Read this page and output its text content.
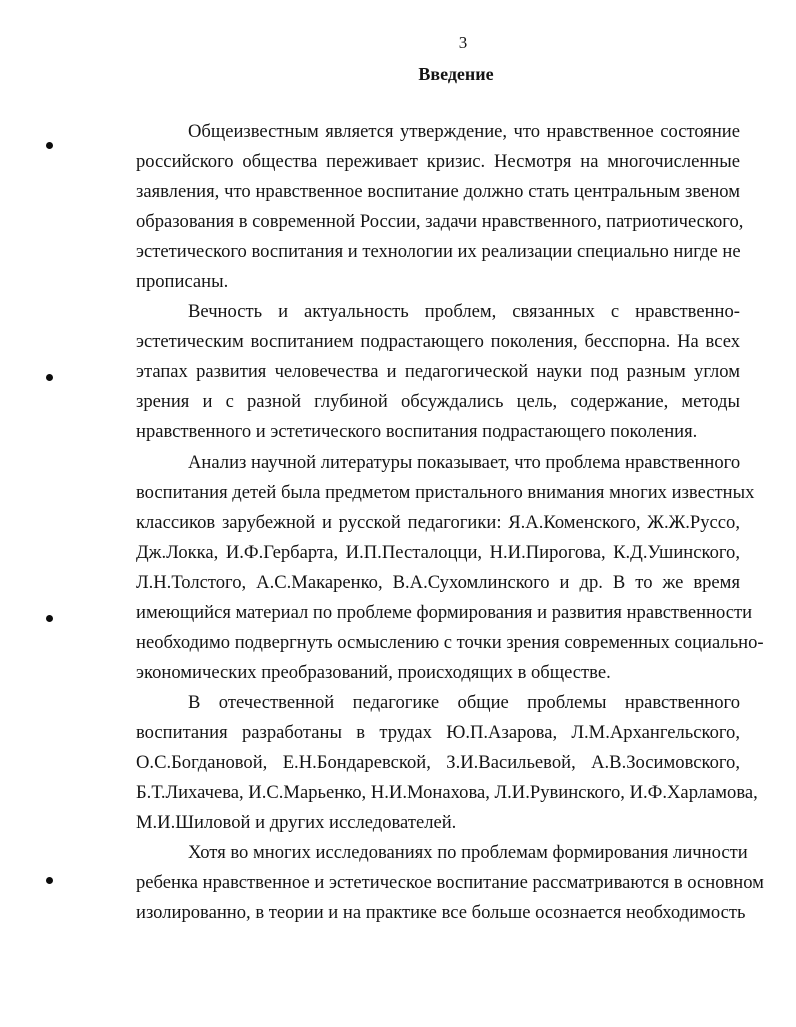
3
Введение
Общеизвестным является утверждение, что нравственное состояние
российского общества переживает кризис. Несмотря на многочисленные
заявления, что нравственное воспитание должно стать центральным звеном
образования в современной России, задачи нравственного, патриотического,
эстетического воспитания и технологии их реализации специально нигде не
прописаны.
Вечность и актуальность проблем, связанных с нравственно-
эстетическим воспитанием подрастающего поколения, бесспорна. На всех
этапах развития человечества и педагогической науки под разным углом
зрения и с разной глубиной обсуждались цель, содержание, методы
нравственного и эстетического воспитания подрастающего поколения.
Анализ научной литературы показывает, что проблема нравственного
воспитания детей была предметом пристального внимания многих известных
классиков зарубежной и русской педагогики: Я.А.Коменского, Ж.Ж.Руссо,
Дж.Локка, И.Ф.Гербарта, И.П.Песталоцци, Н.И.Пирогова, К.Д.Ушинского,
Л.Н.Толстого, А.С.Макаренко, В.А.Сухомлинского и др. В то же время
имеющийся материал по проблеме формирования и развития нравственности
необходимо подвергнуть осмыслению с точки зрения современных социально-
экономических преобразований, происходящих в обществе.
В отечественной педагогике общие проблемы нравственного
воспитания разработаны в трудах Ю.П.Азарова, Л.М.Архангельского,
О.С.Богдановой, Е.Н.Бондаревской, З.И.Васильевой, А.В.Зосимовского,
Б.Т.Лихачева, И.С.Марьенко, Н.И.Монахова, Л.И.Рувинского, И.Ф.Харламова,
М.И.Шиловой и других исследователей.
Хотя во многих исследованиях по проблемам формирования личности
ребенка нравственное и эстетическое воспитание рассматриваются в основном
изолированно, в теории и на практике все больше осознается необходимость
